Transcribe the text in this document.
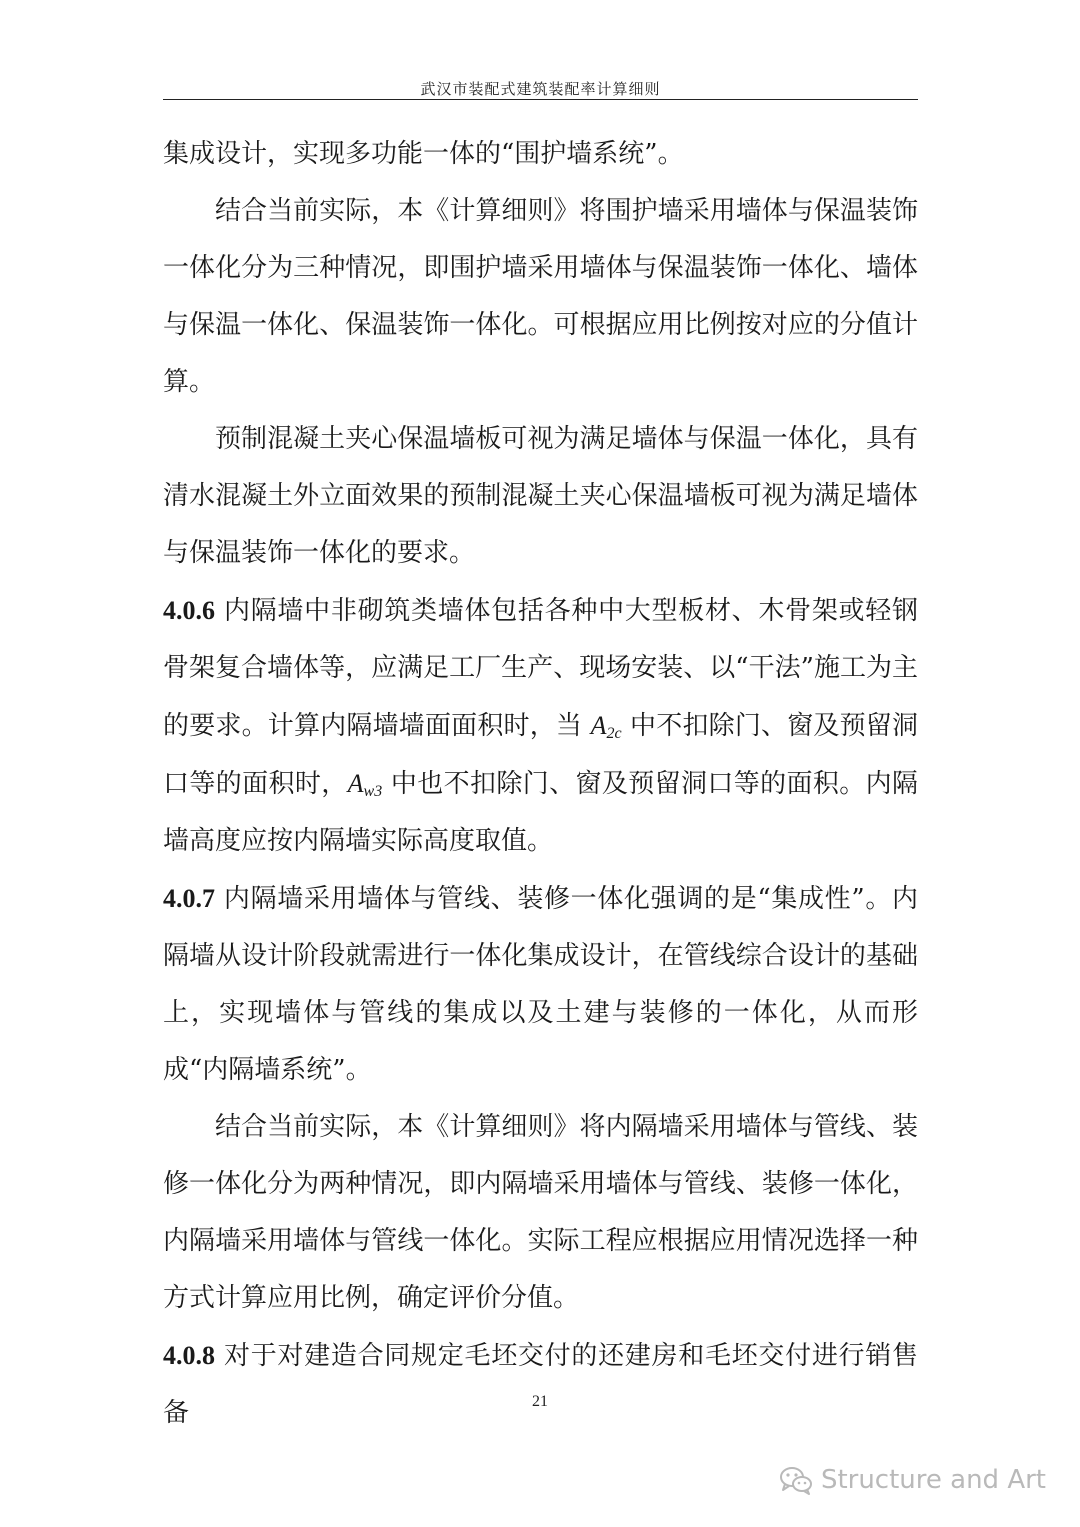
武汉市装配式建筑装配率计算细则

集成设计，实现多功能一体的“围护墙系统”。

结合当前实际，本《计算细则》将围护墙采用墙体与保温装饰一体化分为三种情况，即围护墙采用墙体与保温装饰一体化、墙体与保温一体化、保温装饰一体化。可根据应用比例按对应的分值计算。

预制混凝土夹心保温墙板可视为满足墙体与保温一体化，具有清水混凝土外立面效果的预制混凝土夹心保温墙板可视为满足墙体与保温装饰一体化的要求。

4.0.6 内隔墙中非砌筑类墙体包括各种中大型板材、木骨架或轻钢骨架复合墙体等，应满足工厂生产、现场安装、以“干法”施工为主的要求。计算内隔墙墙面面积时，当 $A_{2c}$ 中不扣除门、窗及预留洞口等的面积时，$A_{w3}$ 中也不扣除门、窗及预留洞口等的面积。内隔墙高度应按内隔墙实际高度取值。

4.0.7 内隔墙采用墙体与管线、装修一体化强调的是“集成性”。内隔墙从设计阶段就需进行一体化集成设计，在管线综合设计的基础上，实现墙体与管线的集成以及土建与装修的一体化，从而形成“内隔墙系统”。

结合当前实际，本《计算细则》将内隔墙采用墙体与管线、装修一体化分为两种情况，即内隔墙采用墙体与管线、装修一体化，内隔墙采用墙体与管线一体化。实际工程应根据应用情况选择一种方式计算应用比例，确定评价分值。

4.0.8 对于对建造合同规定毛坯交付的还建房和毛坯交付进行销售备	21
Structure and Art
